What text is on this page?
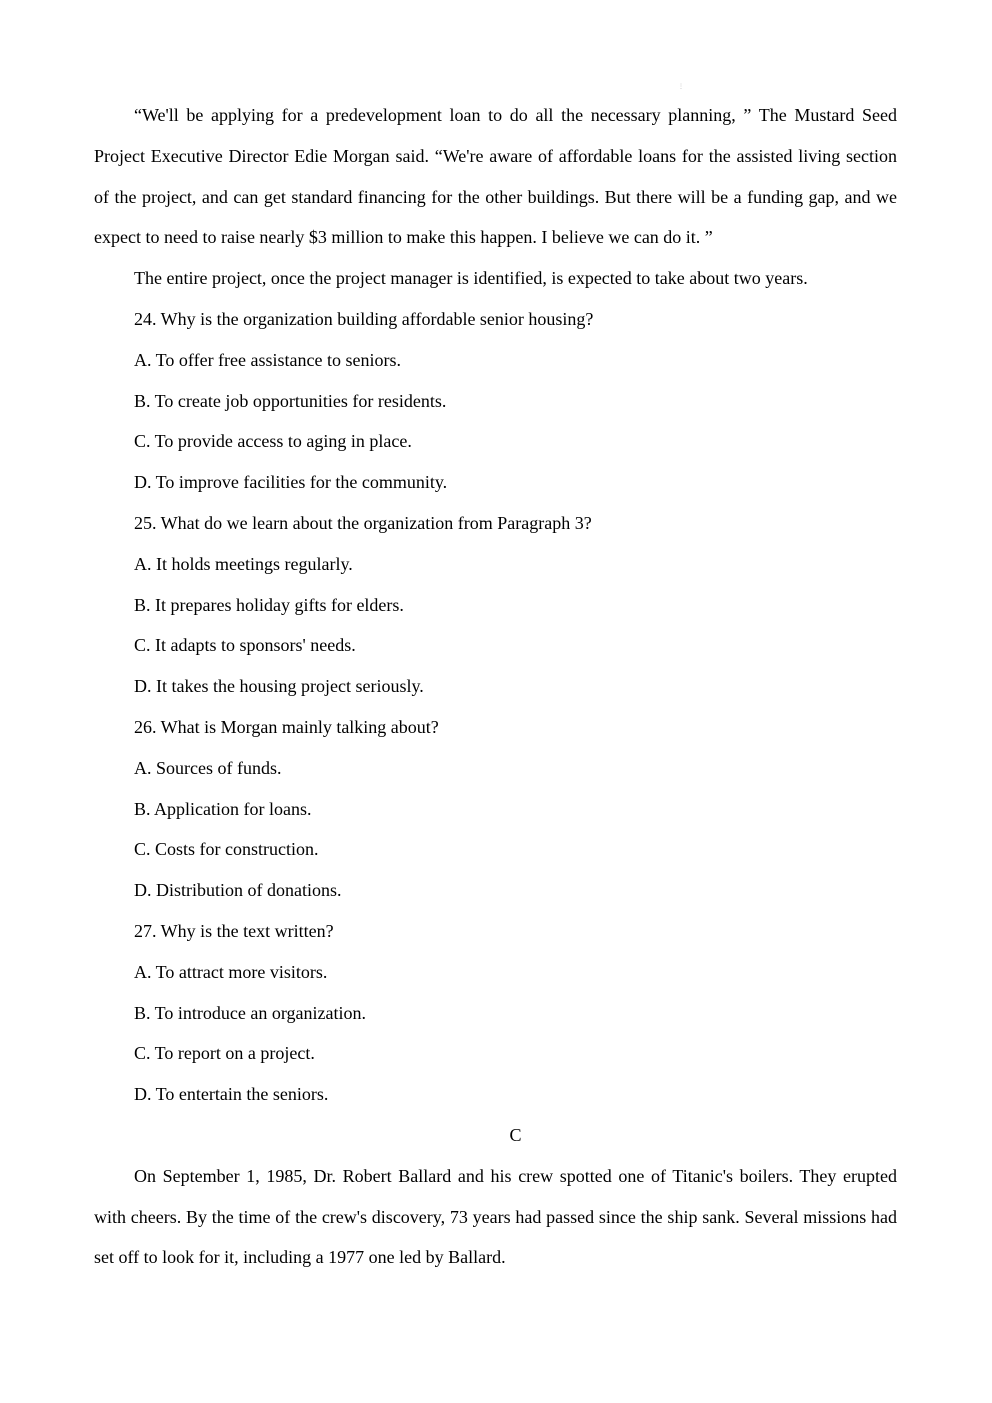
⋮

“We'll be applying for a predevelopment loan to do all the necessary planning, ” The Mustard Seed Project Executive Director Edie Morgan said. “We're aware of affordable loans for the assisted living section of the project, and can get standard financing for the other buildings. But there will be a funding gap, and we expect to need to raise nearly $3 million to make this happen. I believe we can do it. ”

The entire project, once the project manager is identified, is expected to take about two years.

24. Why is the organization building affordable senior housing?

A. To offer free assistance to seniors.

B. To create job opportunities for residents.

C. To provide access to aging in place.

D. To improve facilities for the community.

25. What do we learn about the organization from Paragraph 3?

A. It holds meetings regularly.

B. It prepares holiday gifts for elders.

C. It adapts to sponsors' needs.

D. It takes the housing project seriously.

26. What is Morgan mainly talking about?

A. Sources of funds.

B. Application for loans.

C. Costs for construction.

D. Distribution of donations.

27. Why is the text written?

A. To attract more visitors.

B. To introduce an organization.

C. To report on a project.

D. To entertain the seniors.

C

On September 1, 1985, Dr. Robert Ballard and his crew spotted one of Titanic's boilers. They erupted with cheers. By the time of the crew's discovery, 73 years had passed since the ship sank. Several missions had set off to look for it, including a 1977 one led by Ballard.
